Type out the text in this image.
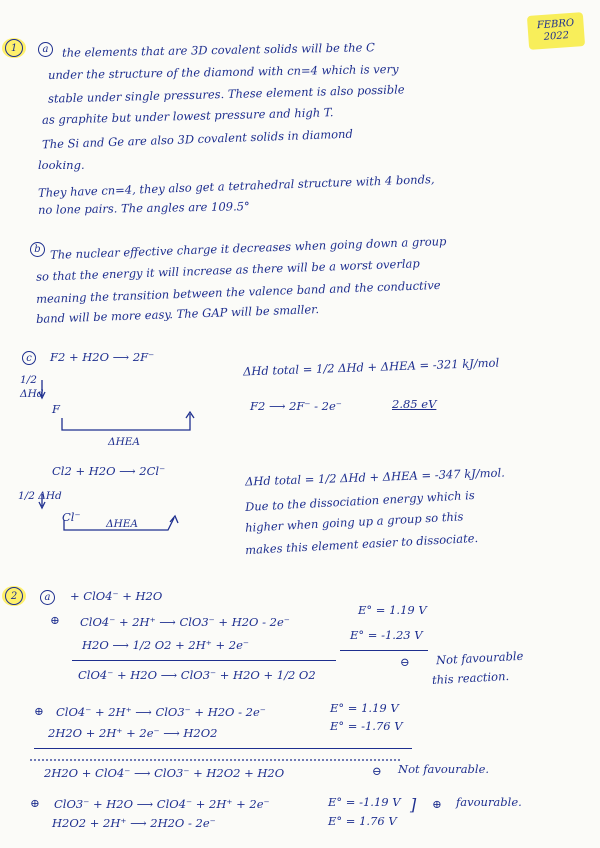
FEBRO
2022
1	a	the elements that are 3D covalent solids will be the C
under the structure of the diamond with cn=4 which is very
stable under single pressures. These element is also possible
as graphite but under lowest pressure and high T.
The Si and Ge are also 3D covalent solids in diamond
looking.
They have cn=4, they also get a tetrahedral structure with 4 bonds,
no lone pairs. The angles are 109.5°
b The nuclear effective charge it decreases when going down a group
so that the energy it will increase as there will be a worst overlap
meaning the transition between the valence band and the conductive
band will be more easy. The GAP will be smaller.
c	F2 + H2O ⟶ 2F⁻
1/2
ΔHd
F
ΔHEA
ΔHd total = 1/2 ΔHd + ΔHEA = -321 kJ/mol
F2 ⟶ 2F⁻ - 2e⁻	2.85 eV
Cl2 + H2O ⟶ 2Cl⁻
1/2 ΔHd
Cl⁻ ΔHEA
ΔHd total = 1/2 ΔHd + ΔHEA = -347 kJ/mol.
Due to the dissociation energy which is
higher when going up a group so this
makes this element easier to dissociate.
2	a	+ ClO4⁻ + H2O
⊕ ClO4⁻ + 2H⁺ ⟶ ClO3⁻ + H2O - 2e⁻
E° = 1.19 V
H2O ⟶ 1/2 O2 + 2H⁺ + 2e⁻
E° = -1.23 V
ClO4⁻ + H2O ⟶ ClO3⁻ + H2O + 1/2 O2
⊖ Not favourable
this reaction.
⊕ ClO4⁻ + 2H⁺ ⟶ ClO3⁻ + H2O - 2e⁻	E° = 1.19 V
2H2O + 2H⁺ + 2e⁻ ⟶ H2O2	E° = -1.76 V
2H2O + ClO4⁻ ⟶ ClO3⁻ + H2O2 + H2O	⊖ Not favourable.
⊕ ClO3⁻ + H2O ⟶ ClO4⁻ + 2H⁺ + 2e⁻	E° = -1.19 V
H2O2 + 2H⁺ ⟶ 2H2O - 2e⁻	E° = 1.76 V
] ⊕ favourable.
